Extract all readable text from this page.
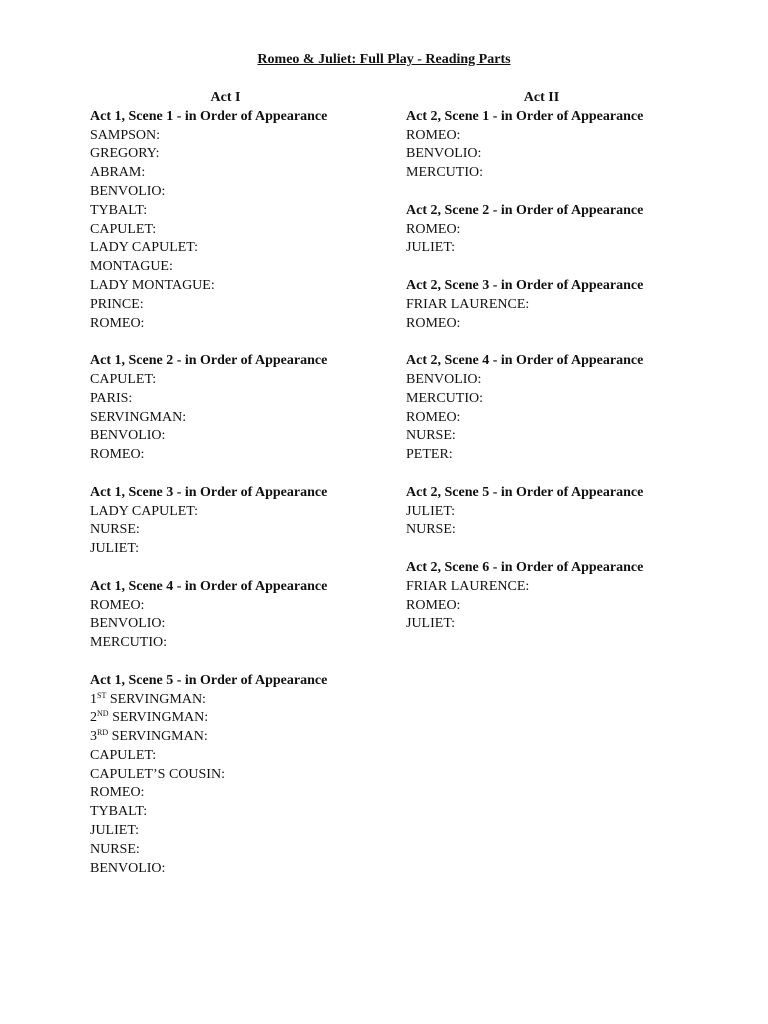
Romeo & Juliet: Full Play - Reading Parts
Act I
Act 1, Scene 1 - in Order of Appearance
SAMPSON:
GREGORY:
ABRAM:
BENVOLIO:
TYBALT:
CAPULET:
LADY CAPULET:
MONTAGUE:
LADY MONTAGUE:
PRINCE:
ROMEO:
Act 1, Scene 2 - in Order of Appearance
CAPULET:
PARIS:
SERVINGMAN:
BENVOLIO:
ROMEO:
Act 1, Scene 3 - in Order of Appearance
LADY CAPULET:
NURSE:
JULIET:
Act 1, Scene 4 - in Order of Appearance
ROMEO:
BENVOLIO:
MERCUTIO:
Act 1, Scene 5 - in Order of Appearance
1ST SERVINGMAN:
2ND SERVINGMAN:
3RD SERVINGMAN:
CAPULET:
CAPULET’S COUSIN:
ROMEO:
TYBALT:
JULIET:
NURSE:
BENVOLIO:
Act II
Act 2, Scene 1 - in Order of Appearance
ROMEO:
BENVOLIO:
MERCUTIO:
Act 2, Scene 2 - in Order of Appearance
ROMEO:
JULIET:
Act 2, Scene 3 - in Order of Appearance
FRIAR LAURENCE:
ROMEO:
Act 2, Scene 4 - in Order of Appearance
BENVOLIO:
MERCUTIO:
ROMEO:
NURSE:
PETER:
Act 2, Scene 5 - in Order of Appearance
JULIET:
NURSE:
Act 2, Scene 6 - in Order of Appearance
FRIAR LAURENCE:
ROMEO:
JULIET:
